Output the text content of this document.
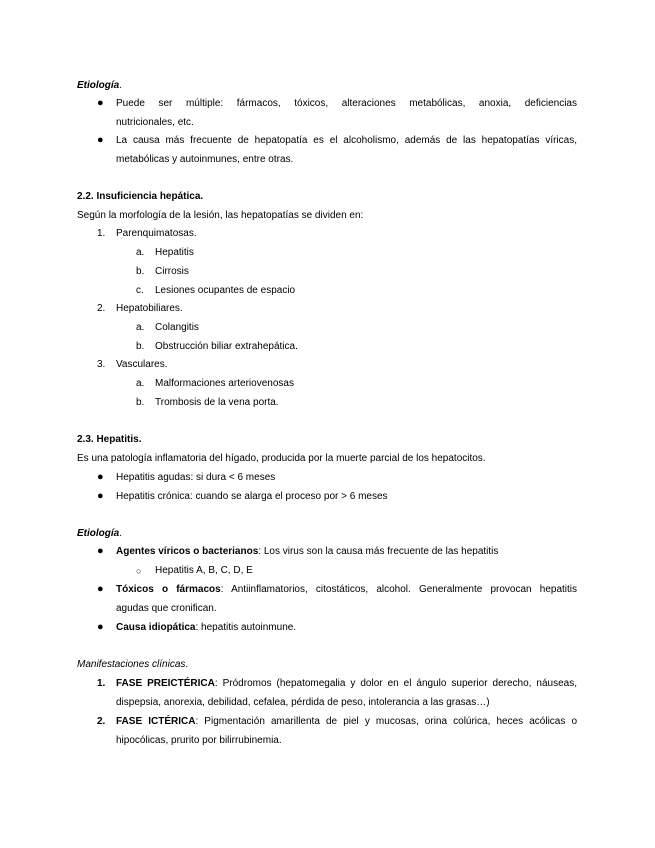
Etiología.
● Puede ser múltiple: fármacos, tóxicos, alteraciones metabólicas, anoxia, deficiencias
nutricionales, etc.
● La causa más frecuente de hepatopatía es el alcoholismo, además de las hepatopatías víricas,
metabólicas y autoinmunes, entre otras.
2.2. Insuficiencia hepática.
Según la morfología de la lesión, las hepatopatías se dividen en:
1. Parenquimatosas.
a. Hepatitis
b. Cirrosis
c. Lesiones ocupantes de espacio
2. Hepatobiliares.
a. Colangitis
b. Obstrucción biliar extrahepática.
3. Vasculares.
a. Malformaciones arteriovenosas
b. Trombosis de la vena porta.
2.3. Hepatitis.
Es una patología inflamatoria del hígado, producida por la muerte parcial de los hepatocitos.
● Hepatitis agudas: si dura < 6 meses
● Hepatitis crónica: cuando se alarga el proceso por > 6 meses
Etiología.
● Agentes víricos o bacterianos: Los virus son la causa más frecuente de las hepatitis
○ Hepatitis A, B, C, D, E
● Tóxicos o fármacos: Antiinflamatorios, citostáticos, alcohol. Generalmente provocan hepatitis
agudas que cronifican.
● Causa idiopática: hepatitis autoinmune.
Manifestaciones clínicas.
1. FASE PREICTÉRICA: Pródromos (hepatomegalia y dolor en el ángulo superior derecho, náuseas,
dispepsia, anorexia, debilidad, cefalea, pérdida de peso, intolerancia a las grasas…)
2. FASE ICTÉRICA: Pigmentación amarillenta de piel y mucosas, orina colúrica, heces acólicas o
hipocólicas, prurito por bilirrubinemia.
